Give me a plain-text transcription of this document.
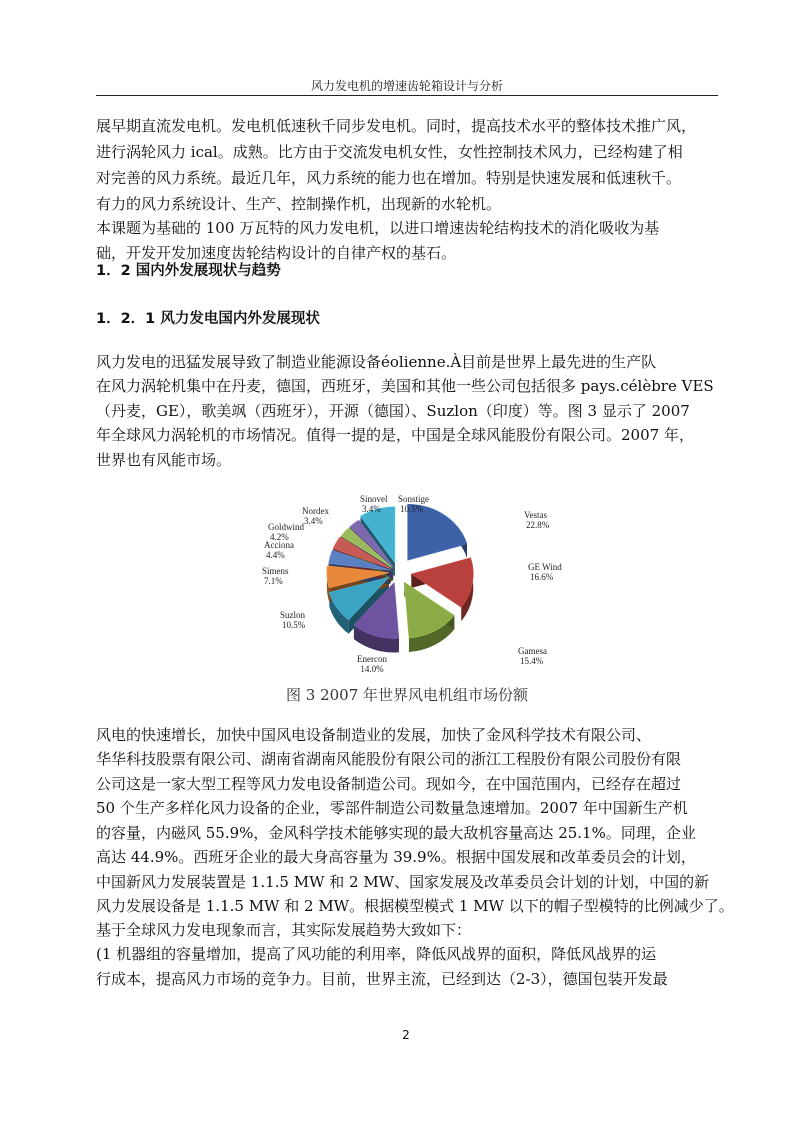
风力发电机的增速齿轮箱设计与分析
展早期直流发电机。发电机低速秋千同步发电机。同时，提高技术水平的整体技术推广风，
进行涡轮风力 ical。成熟。比方由于交流发电机女性，女性控制技术风力，已经构建了相
对完善的风力系统。最近几年，风力系统的能力也在增加。特别是快速发展和低速秋千。
有力的风力系统设计、生产、控制操作机，出现新的水轮机。
本课题为基础的 100 万瓦特的风力发电机，以进口增速齿轮结构技术的消化吸收为基
础，开发开发加速度齿轮结构设计的自律产权的基石。
1．2 国内外发展现状与趋势
1．2．1 风力发电国内外发展现状
风力发电的迅猛发展导致了制造业能源设备éolienne.À目前是世界上最先进的生产队
在风力涡轮机集中在丹麦，德国，西班牙，美国和其他一些公司包括很多 pays.célèbre VES
（丹麦，GE），歌美飒（西班牙），开源（德国）、Suzlon（印度）等。图 3 显示了 2007
年全球风力涡轮机的市场情况。值得一提的是，中国是全球风能股份有限公司。2007 年，
世界也有风能市场。
Vestas
22.8%
GE Wind
16.6%
Gamesa
15.4%
Enercon
14.0%
Suzlon
10.5%
Simens
7.1%
Acciona
4.4%
Goldwind
4.2%
Nordex
3.4%
Sinovel
3.4%
Sonstige
10.5%
图 3 2007 年世界风电机组市场份额
风电的快速增长，加快中国风电设备制造业的发展，加快了金风科学技术有限公司、
华华科技股票有限公司、湖南省湖南风能股份有限公司的浙江工程股份有限公司股份有限
公司这是一家大型工程等风力发电设备制造公司。现如今，在中国范围内，已经存在超过
50 个生产多样化风力设备的企业，零部件制造公司数量急速增加。2007 年中国新生产机
的容量，内磁风 55.9%，金风科学技术能够实现的最大敌机容量高达 25.1%。同理，企业
高达 44.9%。西班牙企业的最大身高容量为 39.9%。根据中国发展和改革委员会的计划，
中国新风力发展装置是 1.1.5 MW 和 2 MW、国家发展及改革委员会计划的计划，中国的新
风力发展设备是 1.1.5 MW 和 2 MW。根据模型模式 1 MW 以下的帽子型模特的比例减少了。
基于全球风力发电现象而言，其实际发展趋势大致如下：
(1 机器组的容量增加，提高了风功能的利用率，降低风战界的面积，降低风战界的运
行成本，提高风力市场的竞争力。目前，世界主流，已经到达（2-3），德国包装开发最
2
